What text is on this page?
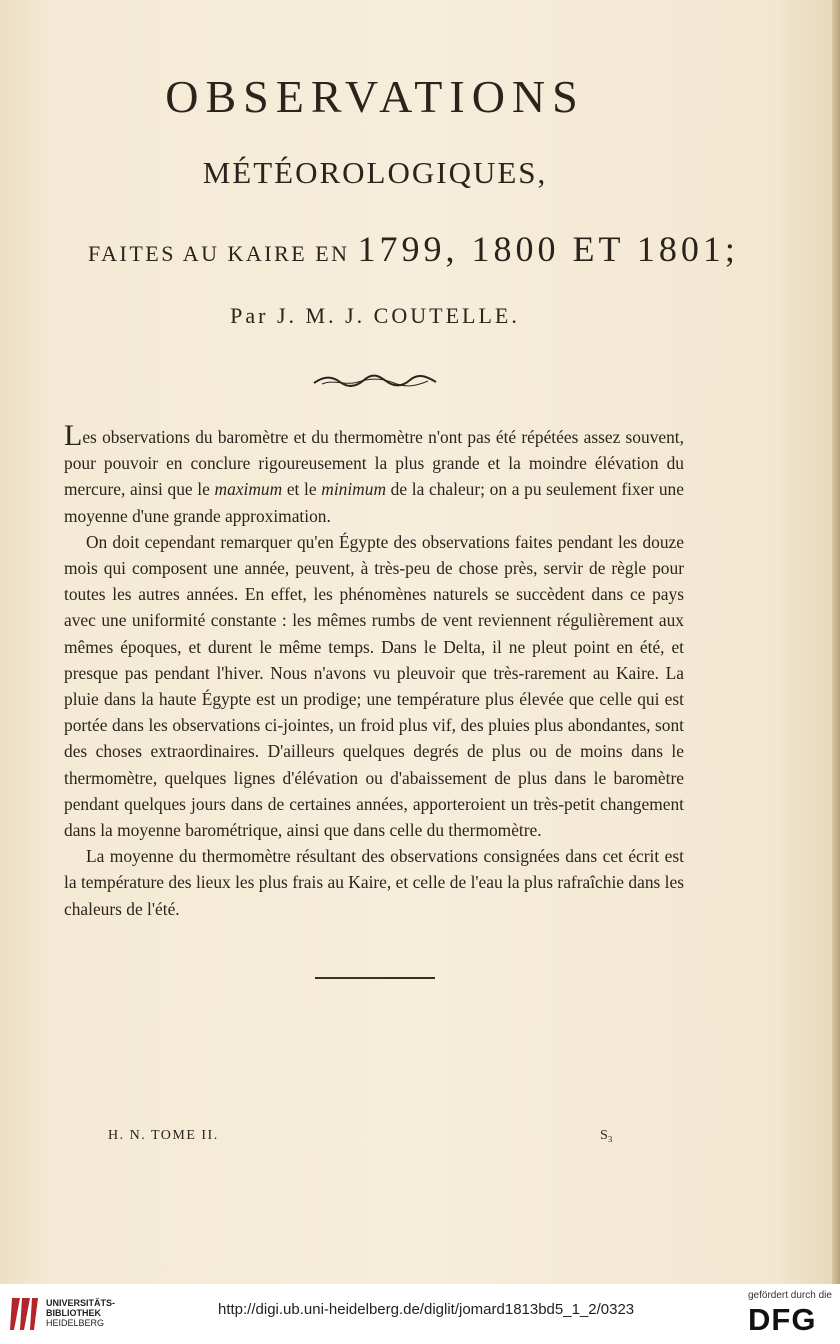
OBSERVATIONS
MÉTÉOROLOGIQUES,
FAITES AU KAIRE EN 1799, 1800 ET 1801;
Par J. M. J. COUTELLE.

Les observations du baromètre et du thermomètre n'ont pas été répétées assez souvent, pour pouvoir en conclure rigoureusement la plus grande et la moindre élévation du mercure, ainsi que le maximum et le minimum de la chaleur; on a pu seulement fixer une moyenne d'une grande approximation.

On doit cependant remarquer qu'en Égypte des observations faites pendant les douze mois qui composent une année, peuvent, à très-peu de chose près, servir de règle pour toutes les autres années. En effet, les phénomènes naturels se succèdent dans ce pays avec une uniformité constante : les mêmes rumbs de vent reviennent régulièrement aux mêmes époques, et durent le même temps. Dans le Delta, il ne pleut point en été, et presque pas pendant l'hiver. Nous n'avons vu pleuvoir que très-rarement au Kaire. La pluie dans la haute Égypte est un prodige; une température plus élevée que celle qui est portée dans les observations ci-jointes, un froid plus vif, des pluies plus abondantes, sont des choses extraordinaires. D'ailleurs quelques degrés de plus ou de moins dans le thermomètre, quelques lignes d'élévation ou d'abaissement de plus dans le baromètre pendant quelques jours dans de certaines années, apporteroient un très-petit changement dans la moyenne barométrique, ainsi que dans celle du thermomètre.

La moyenne du thermomètre résultant des observations consignées dans cet écrit est la température des lieux les plus frais au Kaire, et celle de l'eau la plus rafraîchie dans les chaleurs de l'été.

H. N. TOME II.	S₃
UNIVERSITÄTS-
BIBLIOTHEK
HEIDELBERG
http://digi.ub.uni-heidelberg.de/diglit/jomard1813bd5_1_2/0323
gefördert durch die
DFG
